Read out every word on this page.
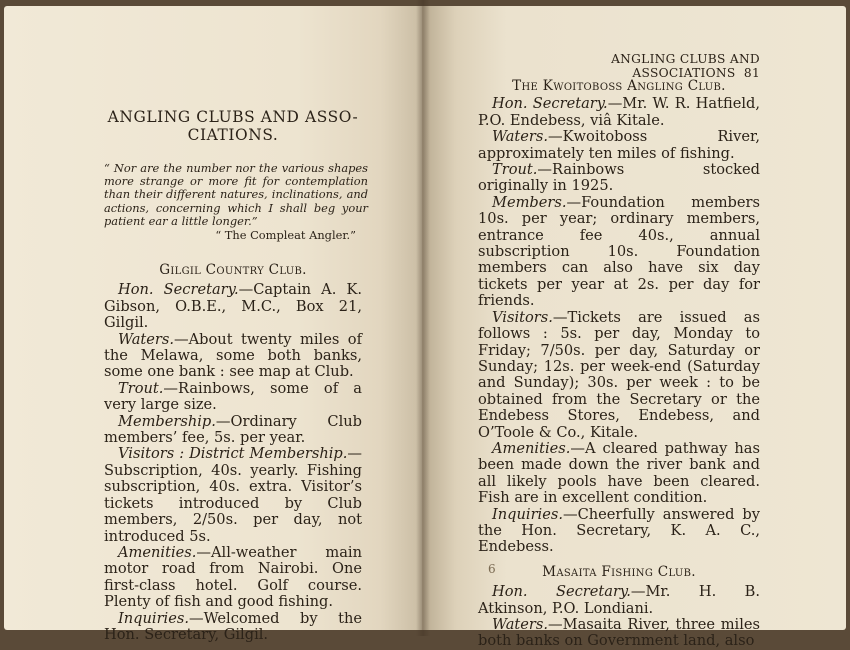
ANGLING CLUBS AND ASSO-CIATIONS.

“ Nor are the number nor the various shapes more strange or more fit for contemplation than their different natures, inclinations, and actions, concerning which I shall beg your patient ear a little longer.”

“ The Compleat Angler.”

Gilgil Country Club.

Hon. Secretary.—Captain A. K. Gibson, O.B.E., M.C., Box 21, Gilgil.

Waters.—About twenty miles of the Melawa, some both banks, some one bank : see map at Club.

Trout.—Rainbows, some of a very large size.

Membership.—Ordinary Club members’ fee, 5s. per year.

Visitors : District Membership.—Subscription, 40s. yearly. Fishing subscription, 40s. extra. Visitor’s tickets introduced by Club members, 2/50s. per day, not introduced 5s.

Amenities.—All-weather main motor road from Nairobi. One first-class hotel. Golf course. Plenty of fish and good fishing.

Inquiries.—Welcomed by the Hon. Secretary, Gilgil.

ANGLING CLUBS AND ASSOCIATIONS 81

The Kwoitoboss Angling Club.

Hon. Secretary.—Mr. W. R. Hatfield, P.O. Endebess, viâ Kitale.

Waters.—Kwoitoboss River, approximately ten miles of fishing.

Trout.—Rainbows stocked originally in 1925.

Members.—Foundation members 10s. per year; ordinary members, entrance fee 40s., annual subscription 10s. Foundation members can also have six day tickets per year at 2s. per day for friends.

Visitors.—Tickets are issued as follows : 5s. per day, Monday to Friday; 7/50s. per day, Saturday or Sunday; 12s. per week-end (Saturday and Sunday); 30s. per week : to be obtained from the Secretary or the Endebess Stores, Endebess, and O’Toole & Co., Kitale.

Amenities.—A cleared pathway has been made down the river bank and all likely pools have been cleared. Fish are in excellent condition.

Inquiries.—Cheerfully answered by the Hon. Secretary, K. A. C., Endebess.

Masaita Fishing Club.

Hon. Secretary.—Mr. H. B. Atkinson, P.O. Londiani.

Waters.—Masaita River, three miles both banks on Government land, also

6
